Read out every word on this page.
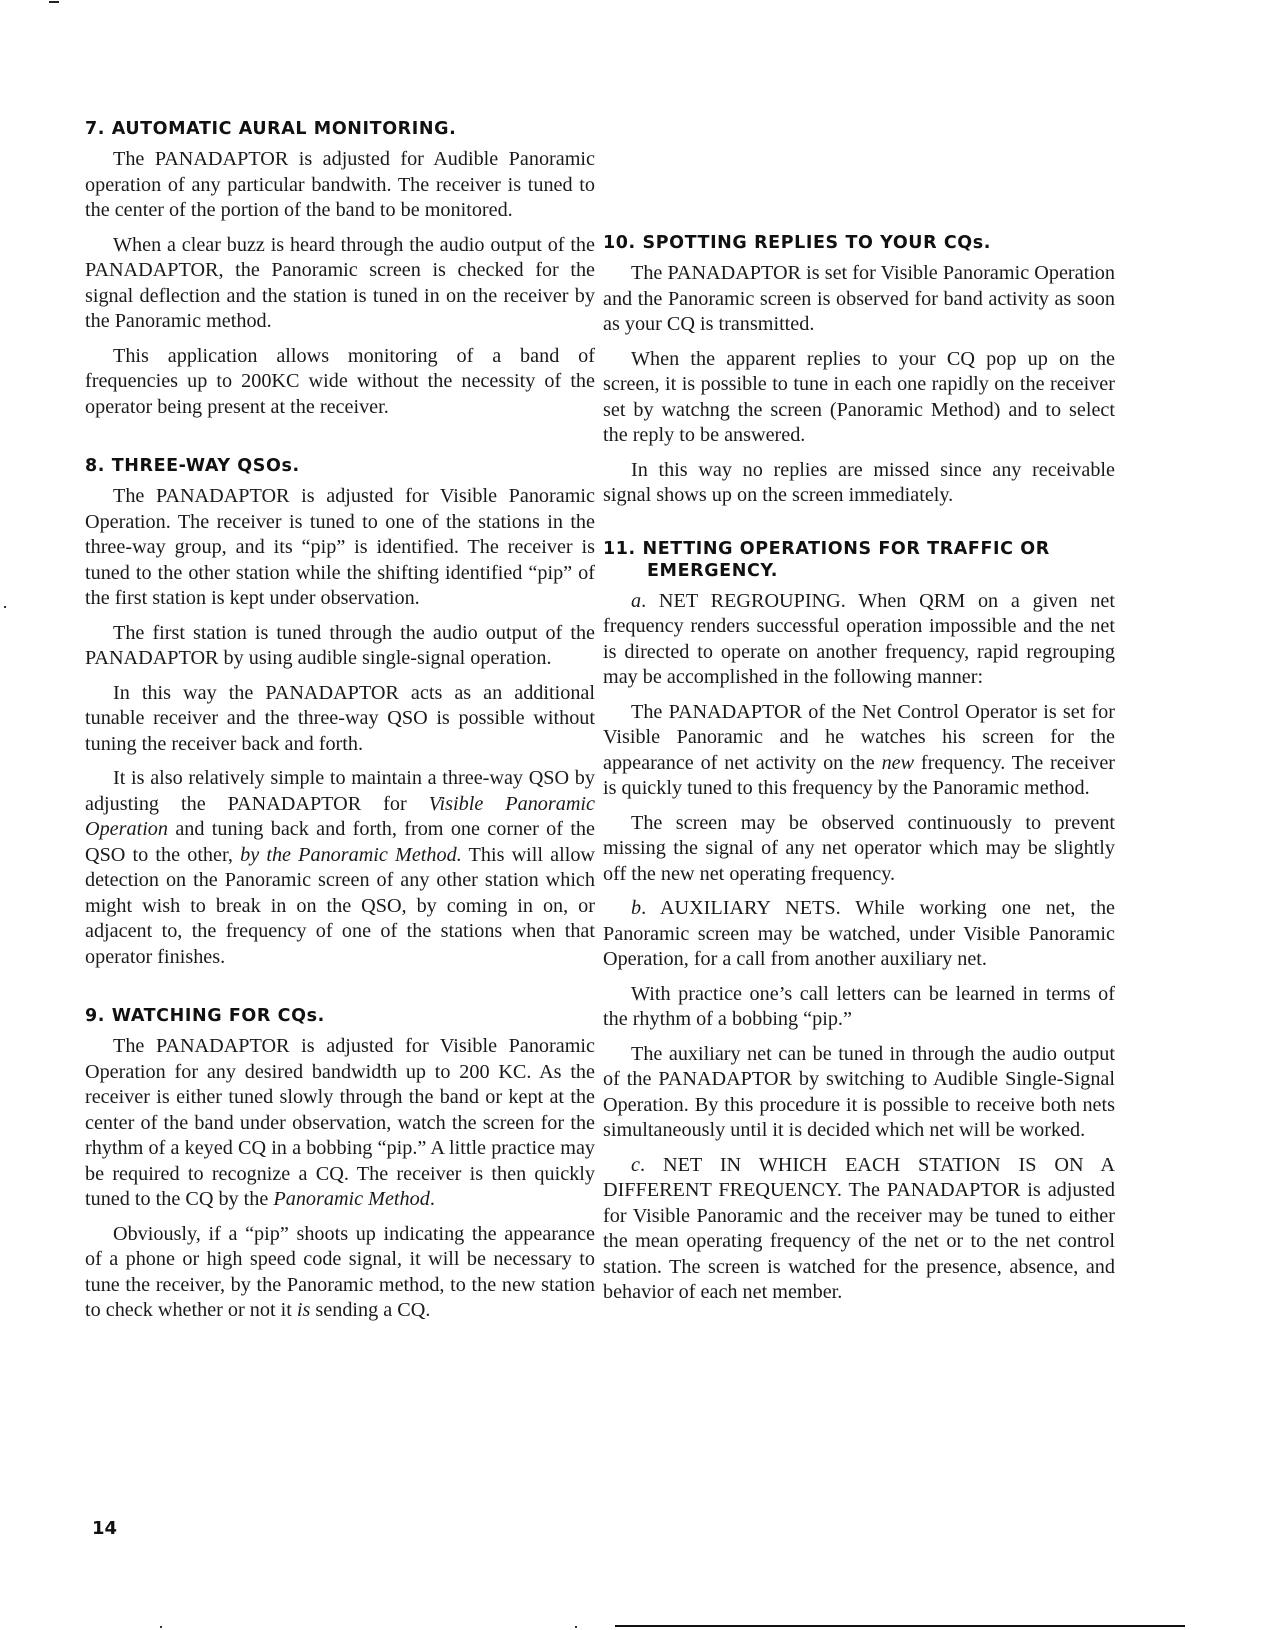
7. AUTOMATIC AURAL MONITORING.

The PANADAPTOR is adjusted for Audible Panoramic operation of any particular bandwith. The receiver is tuned to the center of the portion of the band to be monitored.

When a clear buzz is heard through the audio output of the PANADAPTOR, the Panoramic screen is checked for the signal deflection and the station is tuned in on the receiver by the Panoramic method.

This application allows monitoring of a band of frequencies up to 200KC wide without the necessity of the operator being present at the receiver.

8. THREE-WAY QSOs.

The PANADAPTOR is adjusted for Visible Panoramic Operation. The receiver is tuned to one of the stations in the three-way group, and its “pip” is identified. The receiver is tuned to the other station while the shifting identified “pip” of the first station is kept under observation.

The first station is tuned through the audio output of the PANADAPTOR by using audible single-signal operation.

In this way the PANADAPTOR acts as an additional tunable receiver and the three-way QSO is possible without tuning the receiver back and forth.

It is also relatively simple to maintain a three-way QSO by adjusting the PANADAPTOR for Visible Panoramic Operation and tuning back and forth, from one corner of the QSO to the other, by the Panoramic Method. This will allow detection on the Panoramic screen of any other station which might wish to break in on the QSO, by coming in on, or adjacent to, the frequency of one of the stations when that operator finishes.

9. WATCHING FOR CQs.

The PANADAPTOR is adjusted for Visible Panoramic Operation for any desired bandwidth up to 200 KC. As the receiver is either tuned slowly through the band or kept at the center of the band under observation, watch the screen for the rhythm of a keyed CQ in a bobbing “pip.” A little practice may be required to recognize a CQ. The receiver is then quickly tuned to the CQ by the Panoramic Method.

Obviously, if a “pip” shoots up indicating the appearance of a phone or high speed code signal, it will be necessary to tune the receiver, by the Panoramic method, to the new station to check whether or not it is sending a CQ.

10. SPOTTING REPLIES TO YOUR CQs.

The PANADAPTOR is set for Visible Panoramic Operation and the Panoramic screen is observed for band activity as soon as your CQ is transmitted.

When the apparent replies to your CQ pop up on the screen, it is possible to tune in each one rapidly on the receiver set by watchng the screen (Panoramic Method) and to select the reply to be answered.

In this way no replies are missed since any receivable signal shows up on the screen immediately.

11. NETTING OPERATIONS FOR TRAFFIC OR
EMERGENCY.

a. NET REGROUPING. When QRM on a given net frequency renders successful operation impossible and the net is directed to operate on another frequency, rapid regrouping may be accomplished in the following manner:

The PANADAPTOR of the Net Control Operator is set for Visible Panoramic and he watches his screen for the appearance of net activity on the new frequency. The receiver is quickly tuned to this frequency by the Panoramic method.

The screen may be observed continuously to prevent missing the signal of any net operator which may be slightly off the new net operating frequency.

b. AUXILIARY NETS. While working one net, the Panoramic screen may be watched, under Visible Panoramic Operation, for a call from another auxiliary net.

With practice one’s call letters can be learned in terms of the rhythm of a bobbing “pip.”

The auxiliary net can be tuned in through the audio output of the PANADAPTOR by switching to Audible Single-Signal Operation. By this procedure it is possible to receive both nets simultaneously until it is decided which net will be worked.

c. NET IN WHICH EACH STATION IS ON A DIFFERENT FREQUENCY. The PANADAPTOR is adjusted for Visible Panoramic and the receiver may be tuned to either the mean operating frequency of the net or to the net control station. The screen is watched for the presence, absence, and behavior of each net member.

14
